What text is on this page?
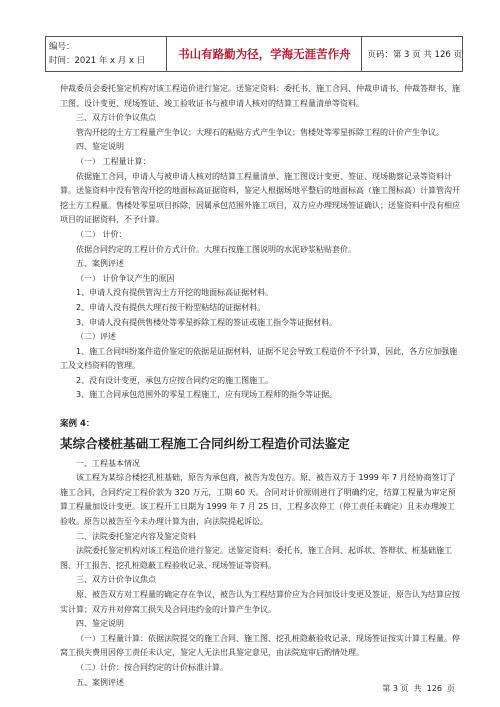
编号：
时间：2021 年 x 月 x 日	书山有路勤为径，学海无涯苦作舟	页码：第 3 页 共 126 页

仲裁委员会委托鉴定机构对该工程造价进行鉴定。送鉴定资料：委托书、施工合同、仲裁申请书、仲裁答辩书、施工图、设计变更、现场签证、竣工验收证书与被申请人核对的结算工程量清单等资料。

三、双方计价争议焦点

管沟开挖的土方工程量产生争议；大理石的粘贴方式产生争议；售楼处等零星拆除工程的计价产生争议。

四、鉴定说明

（一） 工程量计算：

依据施工合同，申请人与被申请人核对的结算工程量清单、施工图设计变更、签证、现场勘察记录等资料计算。送鉴资料中没有管沟开挖的地面标高证据资料，鉴定人根据场地平整后的地面标高（施工图标高）计算管沟开挖土方工程量。售楼处零星项目拆除，因属承包范围外施工项目，双方应办理现场签证确认；送鉴资料中没有相应项目的证据资料，不予计算。

（二） 计价：

依据合同约定的工程计价方式计价。大理石按施工图说明的水泥砂浆粘贴套价。

五、案例评述

（一） 计价争议产生的原因

1、申请人没有提供管沟土方开挖的地面标高证据材料。

2、申请人没有提供大理石按干粉型粘结的证据材料。

3、申请人没有提供售楼处等零星拆除工程的签证或施工指令等证据材料。

（二）评述

1、施工合同纠纷案件造价鉴定的依据是证据材料，证据不足会导致工程造价不予计算，因此，各方应加强施工及文档资料的管理。

2、没有设计变更，承包方应按合同约定的施工图施工。

3、施工合同承包范围外的零星工程施工，应有现场工程师的指令等证据。

案例 4：

某综合楼桩基础工程施工合同纠纷工程造价司法鉴定

一、工程基本情况

该工程为某综合楼挖孔桩基础，原告为承包商，被告为发包方。原、被告双方于 1999 年 7 月经协商签订了施工合同，合同约定工程价款为 320 万元，工期 60 天。合同对计价原则进行了明确约定，结算工程量为审定预算工程量加设计变更。该工程开工日期为 1999 年 7 月 25 日，工程多次停工（停工责任未确定）且未办理竣工验收。原告以被告至今未办理计算为由，向法院提起诉讼。

二、法院委托鉴定内容及鉴定资料

法院委托鉴定机构对该工程造价进行鉴定。送鉴定资料：委托书、施工合同、起诉状、答辩状、桩基础施工图、开工报告、挖孔桩隐蔽工程验收记录、现场签证等资料。

三、双方计价争议焦点

原、被告双方对工程量的确定存在争议，被告认为工程结算价应为合同加设计变更及签证，原告认为结算应按实计算；双方并对停窝工损失及合同违约金的计算产生争议。

四、鉴定说明

（一）工程量计算：依据法院提交的施工合同、施工图、挖孔桩隐蔽验收记录、现场签证按实计算工程量。停窝工损失费用因停工责任未认定，鉴定人无法出具鉴定意见，由法院庭审后酌情处理。

（二）计价：按合同约定的计价标准计算。

五、案例评述

第 3 页  共  126  页
